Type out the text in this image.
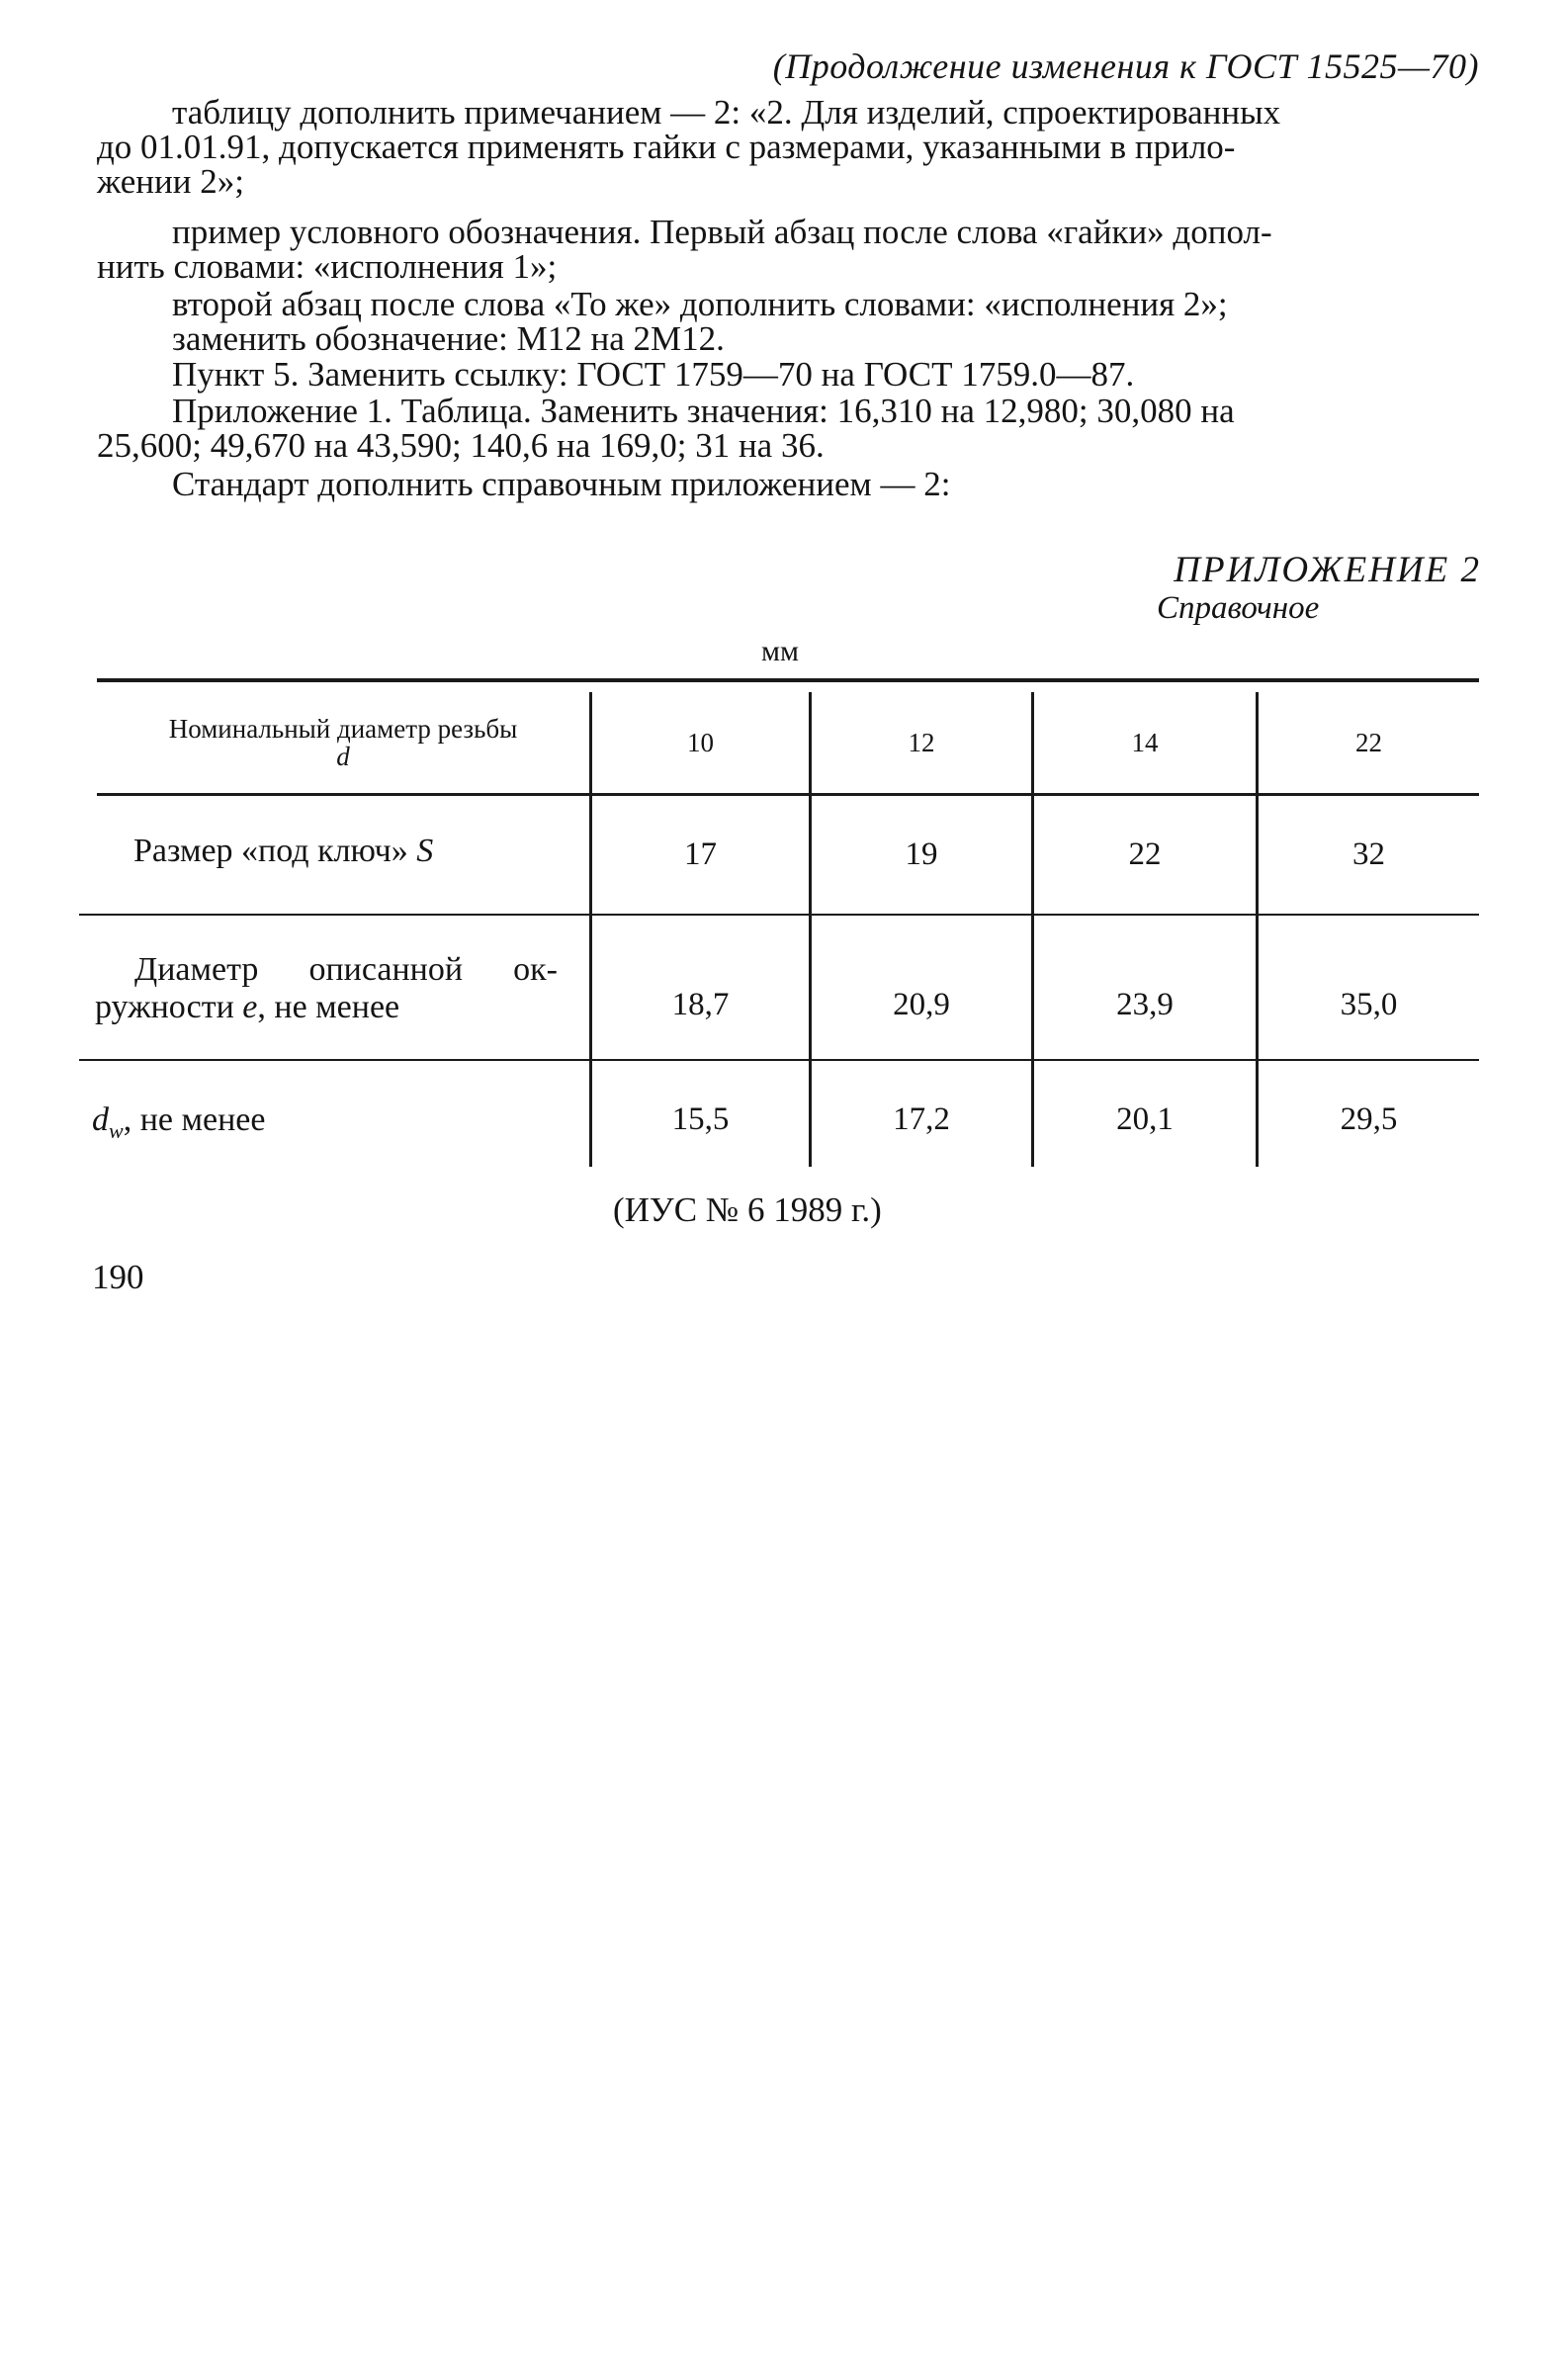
(Продолжение изменения к ГОСТ 15525—70)
таблицу дополнить примечанием — 2: «2. Для изделий, спроектированных
до 01.01.91, допускается применять гайки с размерами, указанными в прило-
жении 2»;
пример условного обозначения. Первый абзац после слова «гайки» допол-
нить словами: «исполнения 1»;
второй абзац после слова «То же» дополнить словами: «исполнения 2»;
заменить обозначение: М12 на 2М12.
Пункт 5. Заменить ссылку: ГОСТ 1759—70 на ГОСТ 1759.0—87.
Приложение 1. Таблица. Заменить значения: 16,310 на 12,980; 30,080 на
25,600; 49,670 на 43,590; 140,6 на 169,0; 31 на 36.
Стандарт дополнить справочным приложением — 2:
ПРИЛОЖЕНИЕ 2
Справочное
мм
Номинальный диаметр резьбы
d	10	12	14	22
Размер «под ключ» S	17	19	22	32
Диаметр описанной ок-
ружности e, не менее	18,7	20,9	23,9	35,0
$d_w$, не менее	15,5	17,2	20,1	29,5
(ИУС № 6 1989 г.)
190
